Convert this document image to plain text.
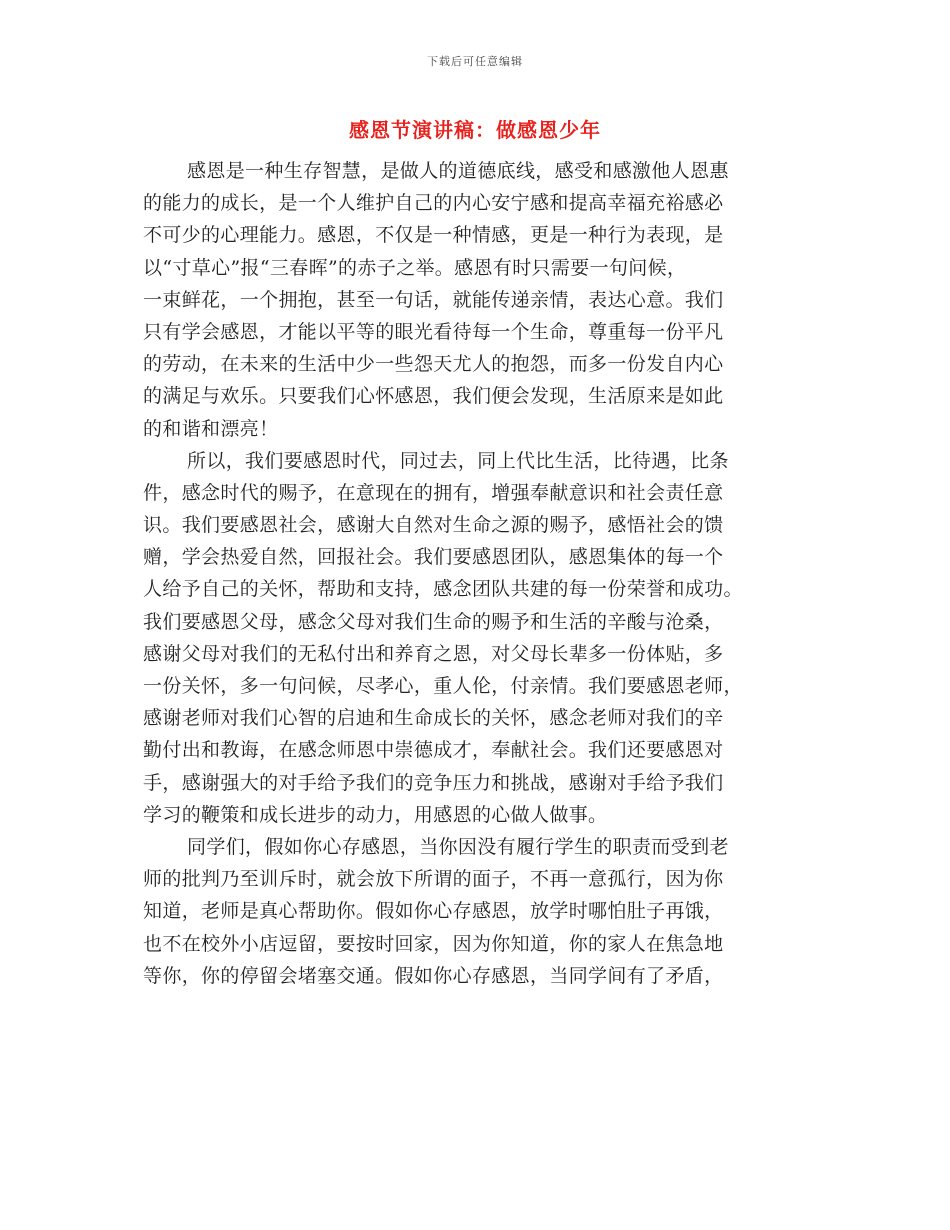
下载后可任意编辑
感恩节演讲稿：做感恩少年
感恩是一种生存智慧，是做人的道德底线，感受和感激他人恩惠
的能力的成长，是一个人维护自己的内心安宁感和提高幸福充裕感必
不可少的心理能力。感恩，不仅是一种情感，更是一种行为表现，是
以“寸草心”报“三春晖”的赤子之举。感恩有时只需要一句问候，
一束鲜花，一个拥抱，甚至一句话，就能传递亲情，表达心意。我们
只有学会感恩，才能以平等的眼光看待每一个生命，尊重每一份平凡
的劳动，在未来的生活中少一些怨天尤人的抱怨，而多一份发自内心
的满足与欢乐。只要我们心怀感恩，我们便会发现，生活原来是如此
的和谐和漂亮！
所以，我们要感恩时代，同过去，同上代比生活，比待遇，比条
件，感念时代的赐予，在意现在的拥有，增强奉献意识和社会责任意
识。我们要感恩社会，感谢大自然对生命之源的赐予，感悟社会的馈
赠，学会热爱自然，回报社会。我们要感恩团队，感恩集体的每一个
人给予自己的关怀，帮助和支持，感念团队共建的每一份荣誉和成功。
我们要感恩父母，感念父母对我们生命的赐予和生活的辛酸与沧桑，
感谢父母对我们的无私付出和养育之恩，对父母长辈多一份体贴，多
一份关怀，多一句问候，尽孝心，重人伦，付亲情。我们要感恩老师，
感谢老师对我们心智的启迪和生命成长的关怀，感念老师对我们的辛
勤付出和教诲，在感念师恩中崇德成才，奉献社会。我们还要感恩对
手，感谢强大的对手给予我们的竞争压力和挑战，感谢对手给予我们
学习的鞭策和成长进步的动力，用感恩的心做人做事。
同学们，假如你心存感恩，当你因没有履行学生的职责而受到老
师的批判乃至训斥时，就会放下所谓的面子，不再一意孤行，因为你
知道，老师是真心帮助你。假如你心存感恩，放学时哪怕肚子再饿，
也不在校外小店逗留，要按时回家，因为你知道，你的家人在焦急地
等你，你的停留会堵塞交通。假如你心存感恩，当同学间有了矛盾，
